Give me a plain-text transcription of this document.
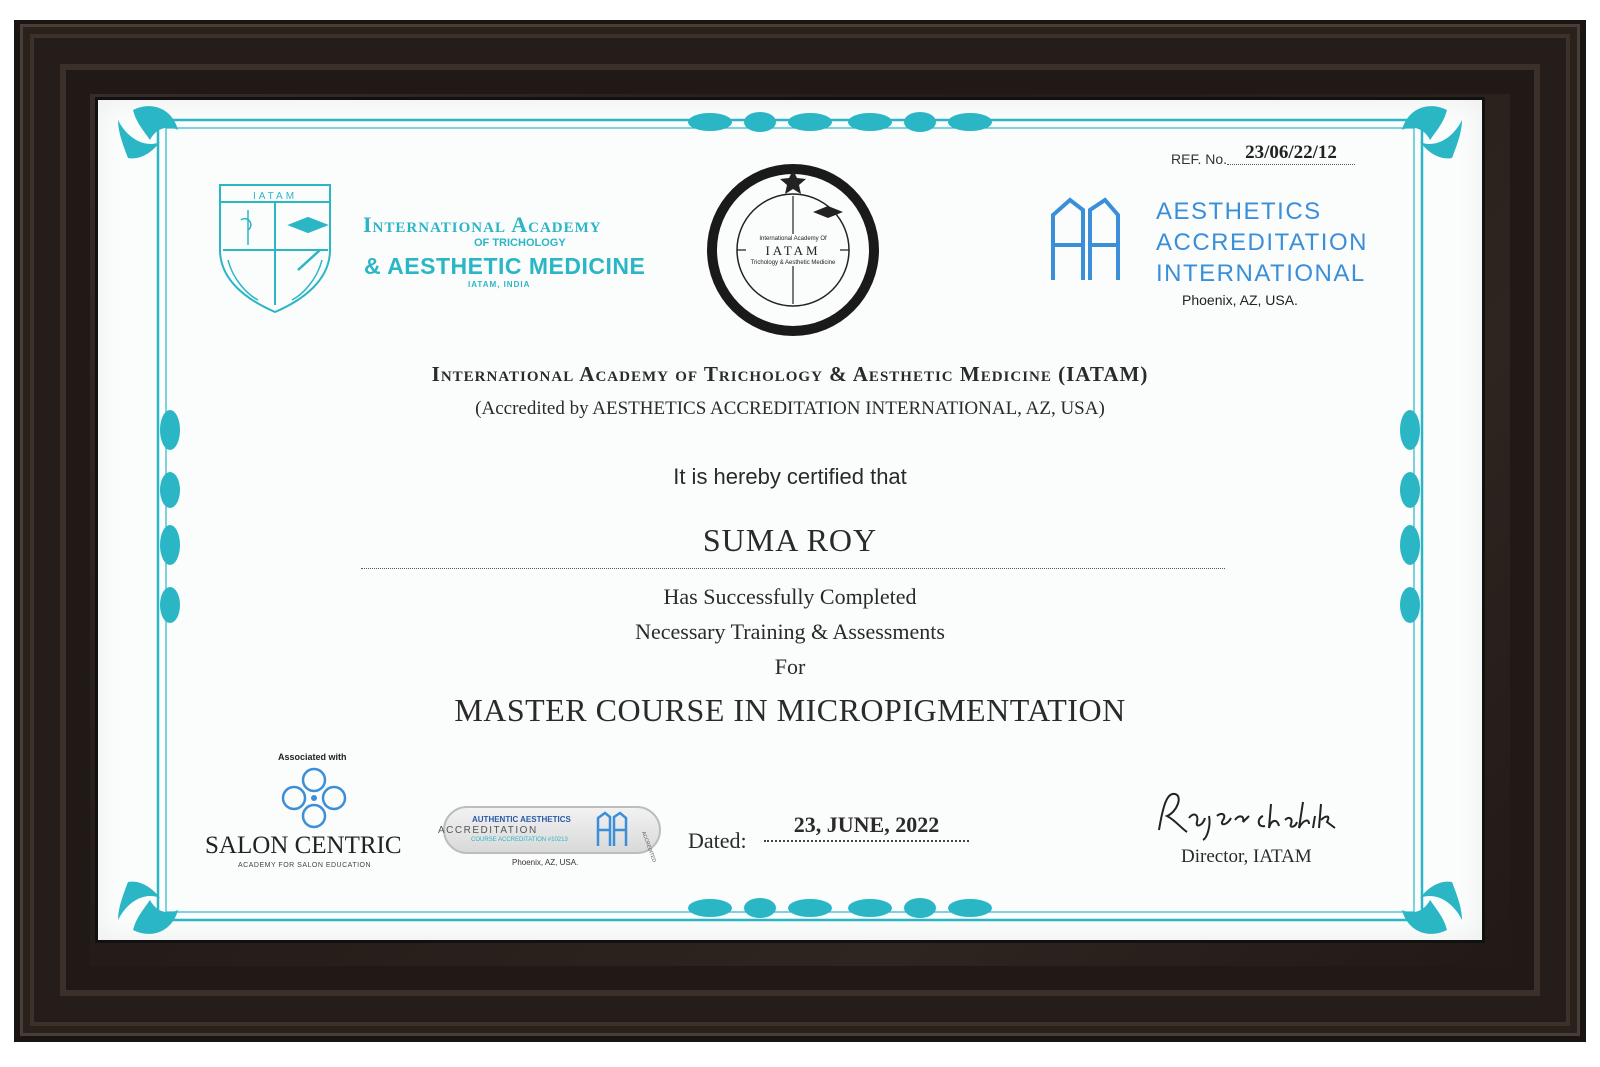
IATAM
International Academy Of
IATAM
Trichology & Aesthetic Medicine
REF. No. 23/06/22/12
International Academy
OF TRICHOLOGY
& AESTHETIC MEDICINE
IATAM, INDIA
AESTHETICS
ACCREDITATION
INTERNATIONAL
Phoenix, AZ, USA.
International Academy of Trichology & Aesthetic Medicine (IATAM)
(Accredited by AESTHETICS ACCREDITATION INTERNATIONAL, AZ, USA)
It is hereby certified that
SUMA ROY
Has Successfully Completed
Necessary Training & Assessments
For
MASTER COURSE IN MICROPIGMENTATION
Associated with
SALON CENTRIC
ACADEMY FOR SALON EDUCATION
AUTHENTIC AESTHETICS
ACCREDITATION
COURSE ACCREDITATION #10213	ACCREDITED
Phoenix, AZ, USA.
Dated:
23, JUNE, 2022
Director, IATAM
